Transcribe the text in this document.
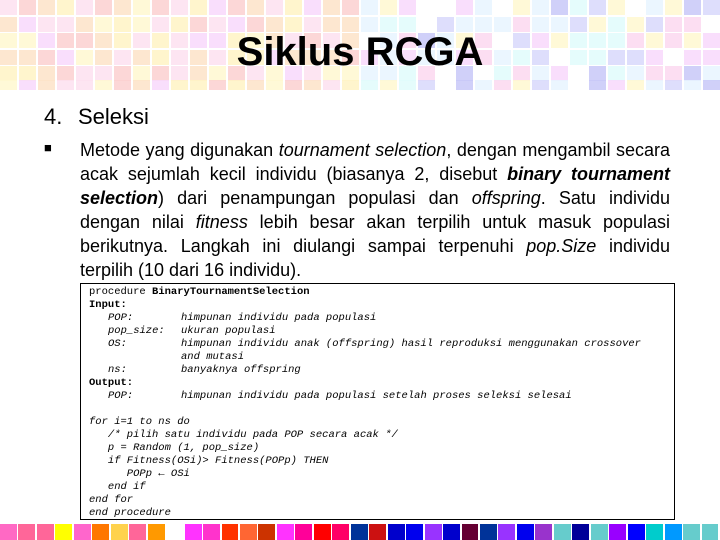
Siklus RCGA
4. Seleksi
■ Metode yang digunakan tournament selection, dengan mengambil secara acak sejumlah kecil individu (biasanya 2, disebut binary tournament selection) dari penampungan populasi dan offspring. Satu individu dengan nilai fitness lebih besar akan terpilih untuk masuk populasi berikutnya. Langkah ini diulangi sampai terpenuhi pop.Size individu terpilih (10 dari 16 individu).
procedure BinaryTournamentSelection
Input:
POP:	himpunan individu pada populasi
pop_size: ukuran populasi
OS:	himpunan individu anak (offspring) hasil reproduksi menggunakan crossover
and mutasi
ns:	banyaknya offspring
Output:
POP:	himpunan individu pada populasi setelah proses seleksi selesai
for i=1 to ns do
/* pilih satu individu pada POP secara acak */
p = Random (1, pop_size)
if Fitness(OSi)> Fitness(POPp) THEN
POPp ← OSi
end if
end for
end procedure
